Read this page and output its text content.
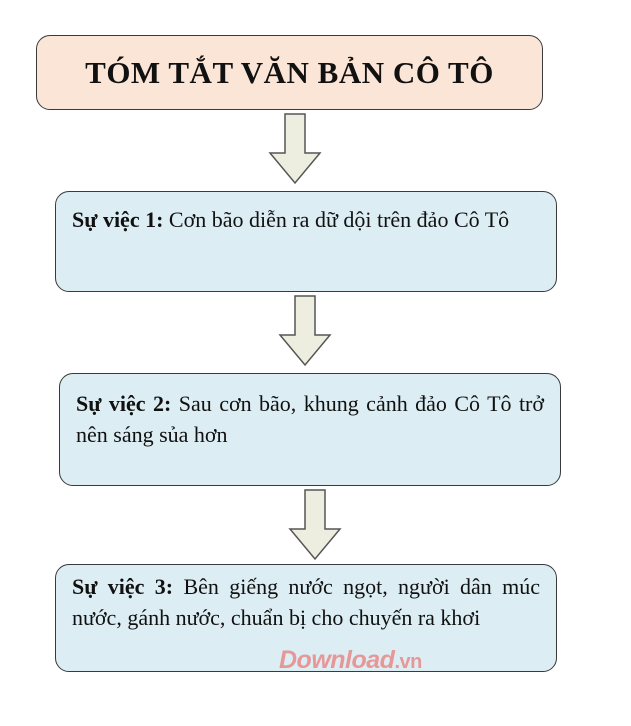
TÓM TẮT VĂN BẢN CÔ TÔ
Sự việc 1: Cơn bão diễn ra dữ dội trên đảo Cô Tô
Sự việc 2: Sau cơn bão, khung cảnh đảo Cô Tô trở nên sáng sủa hơn
Sự việc 3: Bên giếng nước ngọt, người dân múc nước, gánh nước, chuẩn bị cho chuyến ra khơi
Download.vn
